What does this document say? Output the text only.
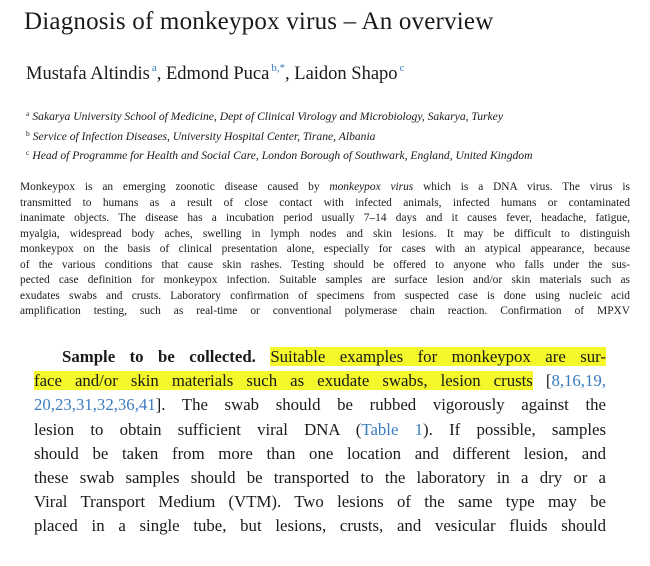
Diagnosis of monkeypox virus – An overview
Mustafa Altindis $^a$, Edmond Puca $^{b,*}$, Laidon Shapo $^c$
$^a$ Sakarya University School of Medicine, Dept of Clinical Virology and Microbiology, Sakarya, Turkey
$^b$ Service of Infection Diseases, University Hospital Center, Tirane, Albania
$^c$ Head of Programme for Health and Social Care, London Borough of Southwark, England, United Kingdom
Monkeypox is an emerging zoonotic disease caused by monkeypox virus which is a DNA virus. The virus is
transmitted to humans as a result of close contact with infected animals, infected humans or contaminated
inanimate objects. The disease has a incubation period usually 7–14 days and it causes fever, headache, fatigue,
myalgia, widespread body aches, swelling in lymph nodes and skin lesions. It may be difficult to distinguish
monkeypox on the basis of clinical presentation alone, especially for cases with an atypical appearance, because
of the various conditions that cause skin rashes. Testing should be offered to anyone who falls under the sus-
pected case definition for monkeypox infection. Suitable samples are surface lesion and/or skin materials such as
exudates swabs and crusts. Laboratory confirmation of specimens from suspected case is done using nucleic acid
amplification testing, such as real-time or conventional polymerase chain reaction. Confirmation of MPXV
Sample to be collected. Suitable examples for monkeypox are sur-
face and/or skin materials such as exudate swabs, lesion crusts [8,16,19,
20,23,31,32,36,41]. The swab should be rubbed vigorously against the
lesion to obtain sufficient viral DNA (Table 1). If possible, samples
should be taken from more than one location and different lesion, and
these swab samples should be transported to the laboratory in a dry or a
Viral Transport Medium (VTM). Two lesions of the same type may be
placed in a single tube, but lesions, crusts, and vesicular fluids should
